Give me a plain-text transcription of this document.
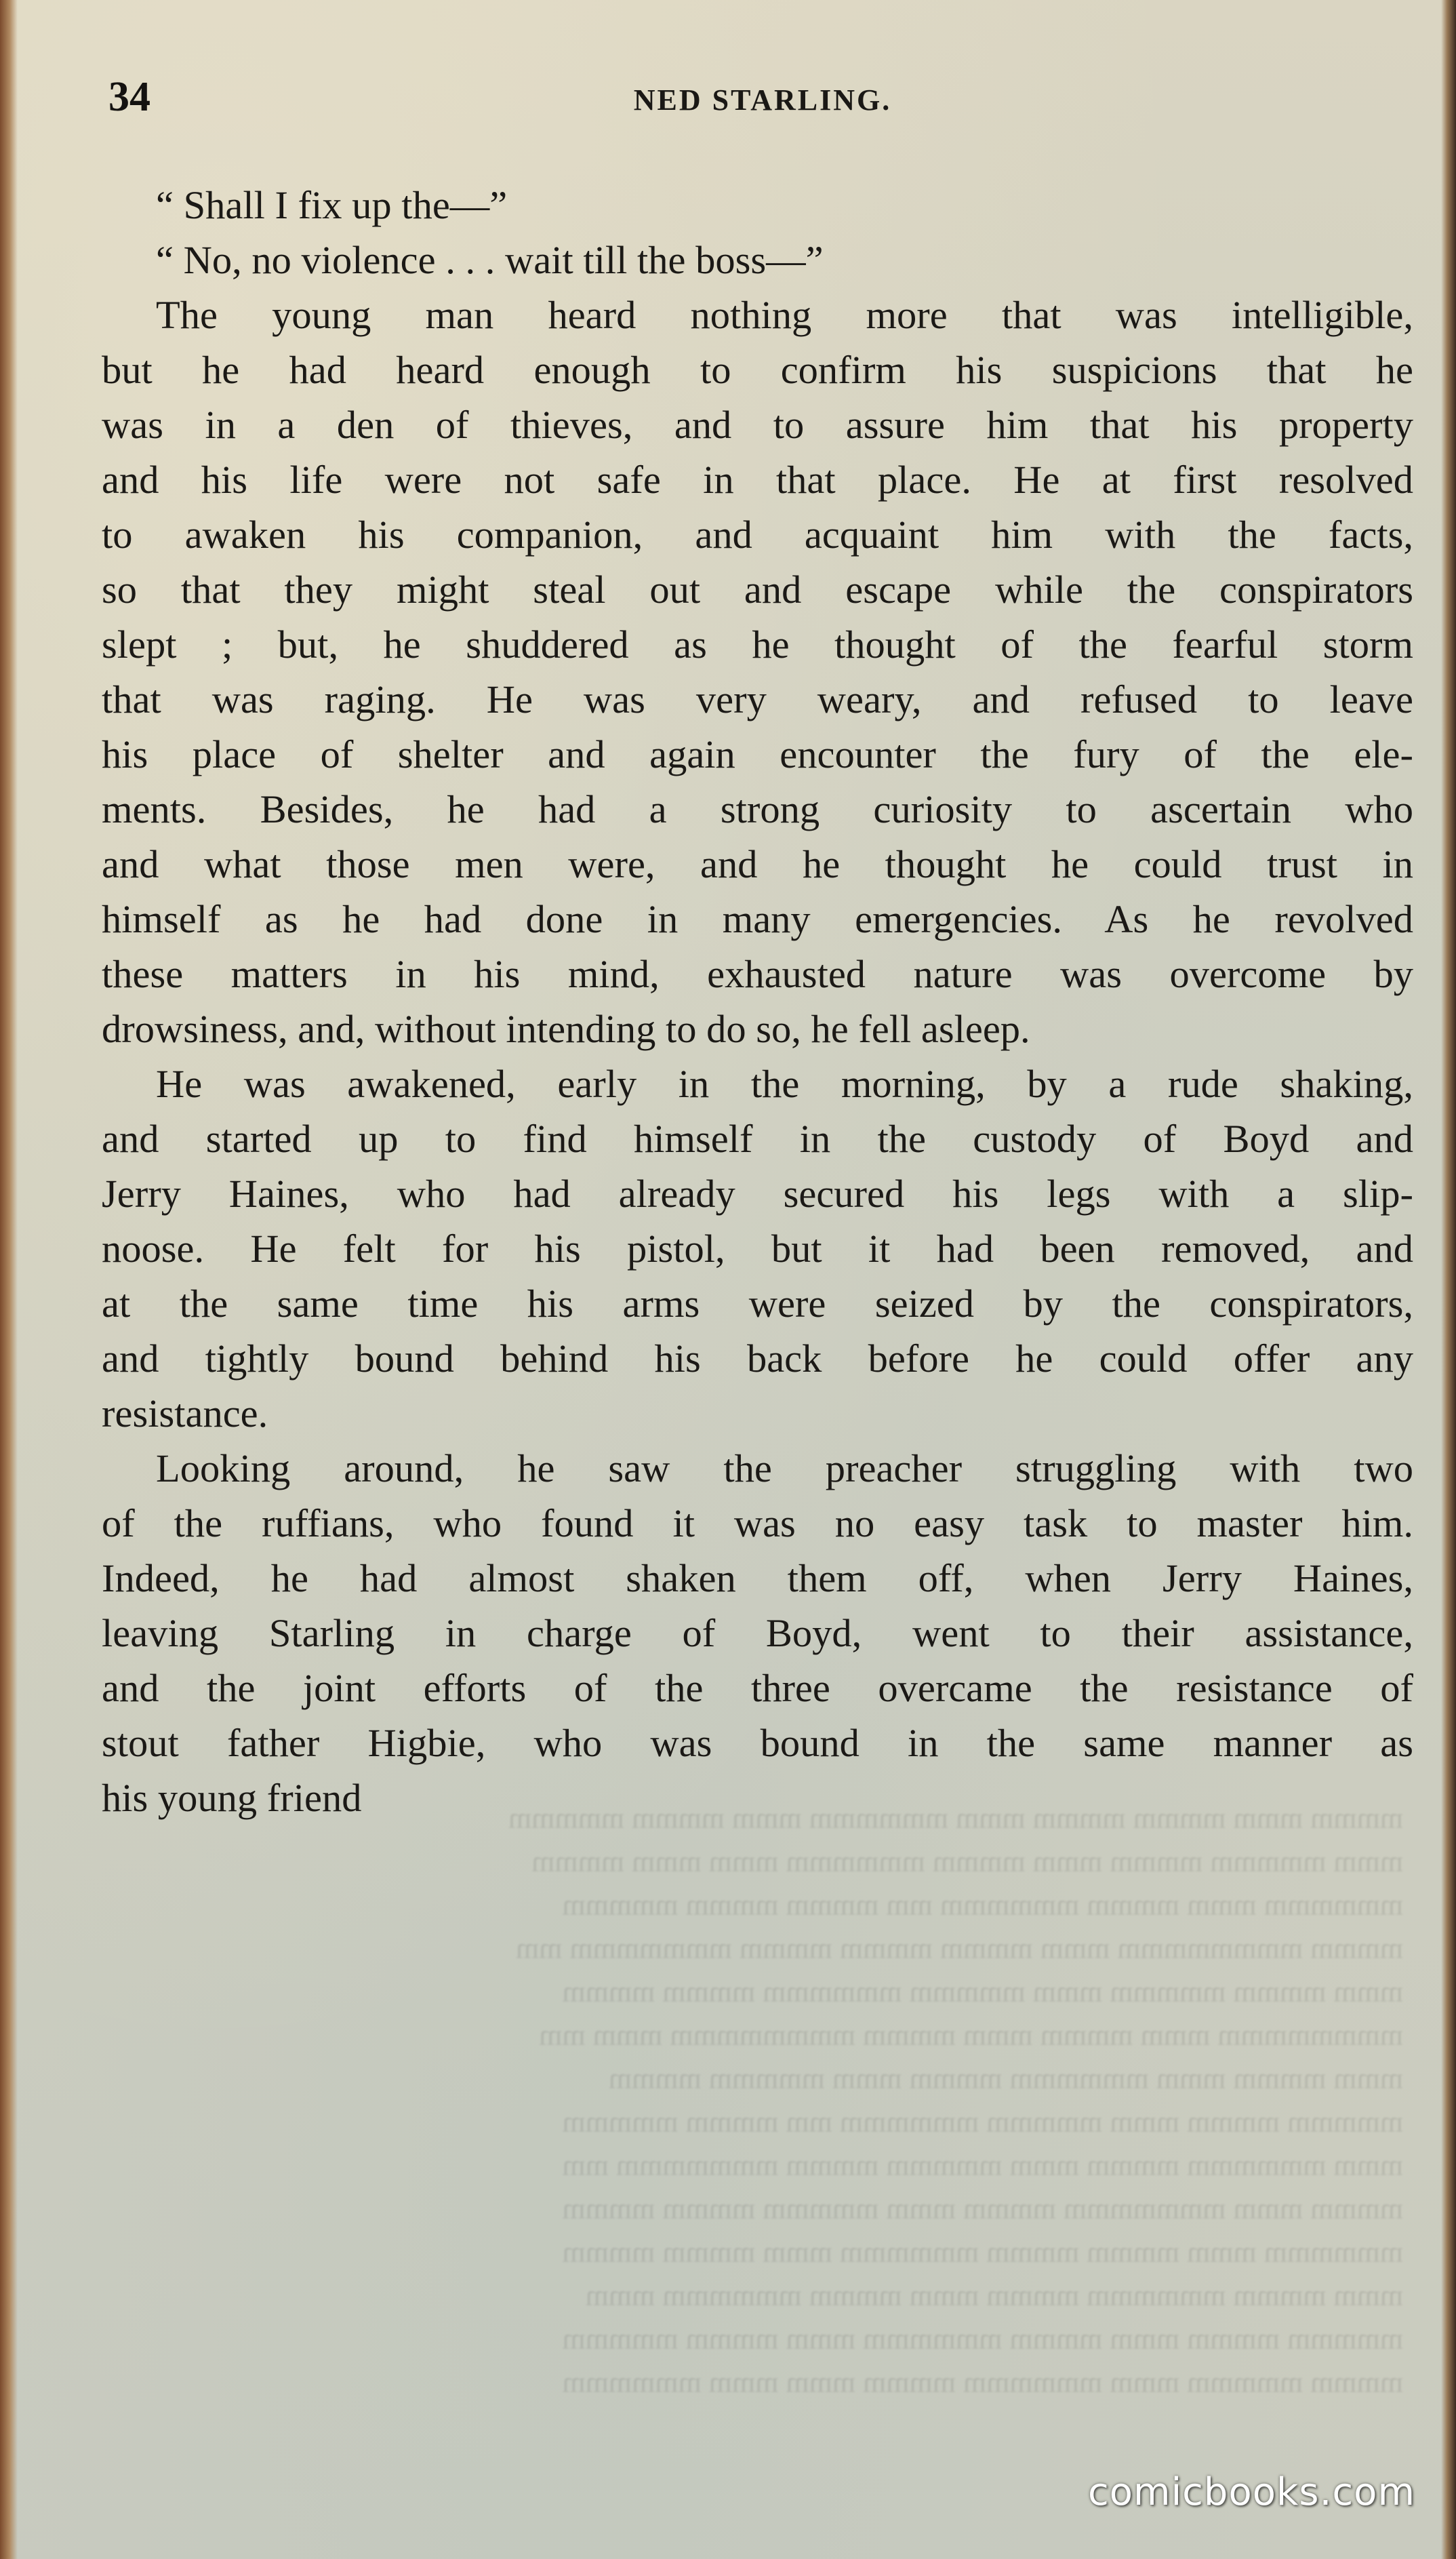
mmmm mmm mmmm mmmm mmm mmmmmm mmm mmmm mmmmm
mmm mmmmm mmmm mmm mmmm mmmmmm mmm mmm mmmm
mmmmmm mmm mmmm mmmmmm mm mmmm mmmm mmmmm
mmmm mmmmmmmm mmm mmmm mmmm mmmm mmmmmmm mm
mmm mmmm mmmmm mmm mmmmm mmmmmm mmmm mmmm
mmmmmmmm mmm mmmm mmm mmmm mmmmmmmm mmm mm
mmm mmmm mmm mmmmmm mmmm mmm mmmmm mmmm
mmmmm mmmm mmm mmmmm mmmmmm mm mmmm mmmmm
mmm mmmmmm mmmm mmm mmmmm mmmm mmmmmmm mm
mmmm mmm mmmmmmm mmmm mmm mmmmm mmmm mmmm
mmmmmm mmm mmmm mmmm mmmmmm mmm mmmm mmmm
mmm mmmm mmmmmm mmmm mmm mmmm mmmmmm mmm
mmmmm mmmm mmm mmmm mmmmmm mmm mmmm mmmmm
mmmm mmmmm mmm mmmmmm mmmm mmm mmm mmmmmm
34	NED STARLING.
“ Shall I fix up the—”
“ No, no violence . . . wait till the boss—”
The young man heard nothing more that was intelligible,
but he had heard enough to confirm his suspicions that he
was in a den of thieves, and to assure him that his property
and his life were not safe in that place. He at first resolved
to awaken his companion, and acquaint him with the facts,
so that they might steal out and escape while the conspirators
slept ; but, he shuddered as he thought of the fearful storm
that was raging. He was very weary, and refused to leave
his place of shelter and again encounter the fury of the ele-
ments. Besides, he had a strong curiosity to ascertain who
and what those men were, and he thought he could trust in
himself as he had done in many emergencies. As he revolved
these matters in his mind, exhausted nature was overcome by
drowsiness, and, without intending to do so, he fell asleep.
He was awakened, early in the morning, by a rude shaking,
and started up to find himself in the custody of Boyd and
Jerry Haines, who had already secured his legs with a slip-
noose. He felt for his pistol, but it had been removed, and
at the same time his arms were seized by the conspirators,
and tightly bound behind his back before he could offer any
resistance.
Looking around, he saw the preacher struggling with two
of the ruffians, who found it was no easy task to master him.
Indeed, he had almost shaken them off, when Jerry Haines,
leaving Starling in charge of Boyd, went to their assistance,
and the joint efforts of the three overcame the resistance of
stout father Higbie, who was bound in the same manner as
his young friend
comicbooks.com
